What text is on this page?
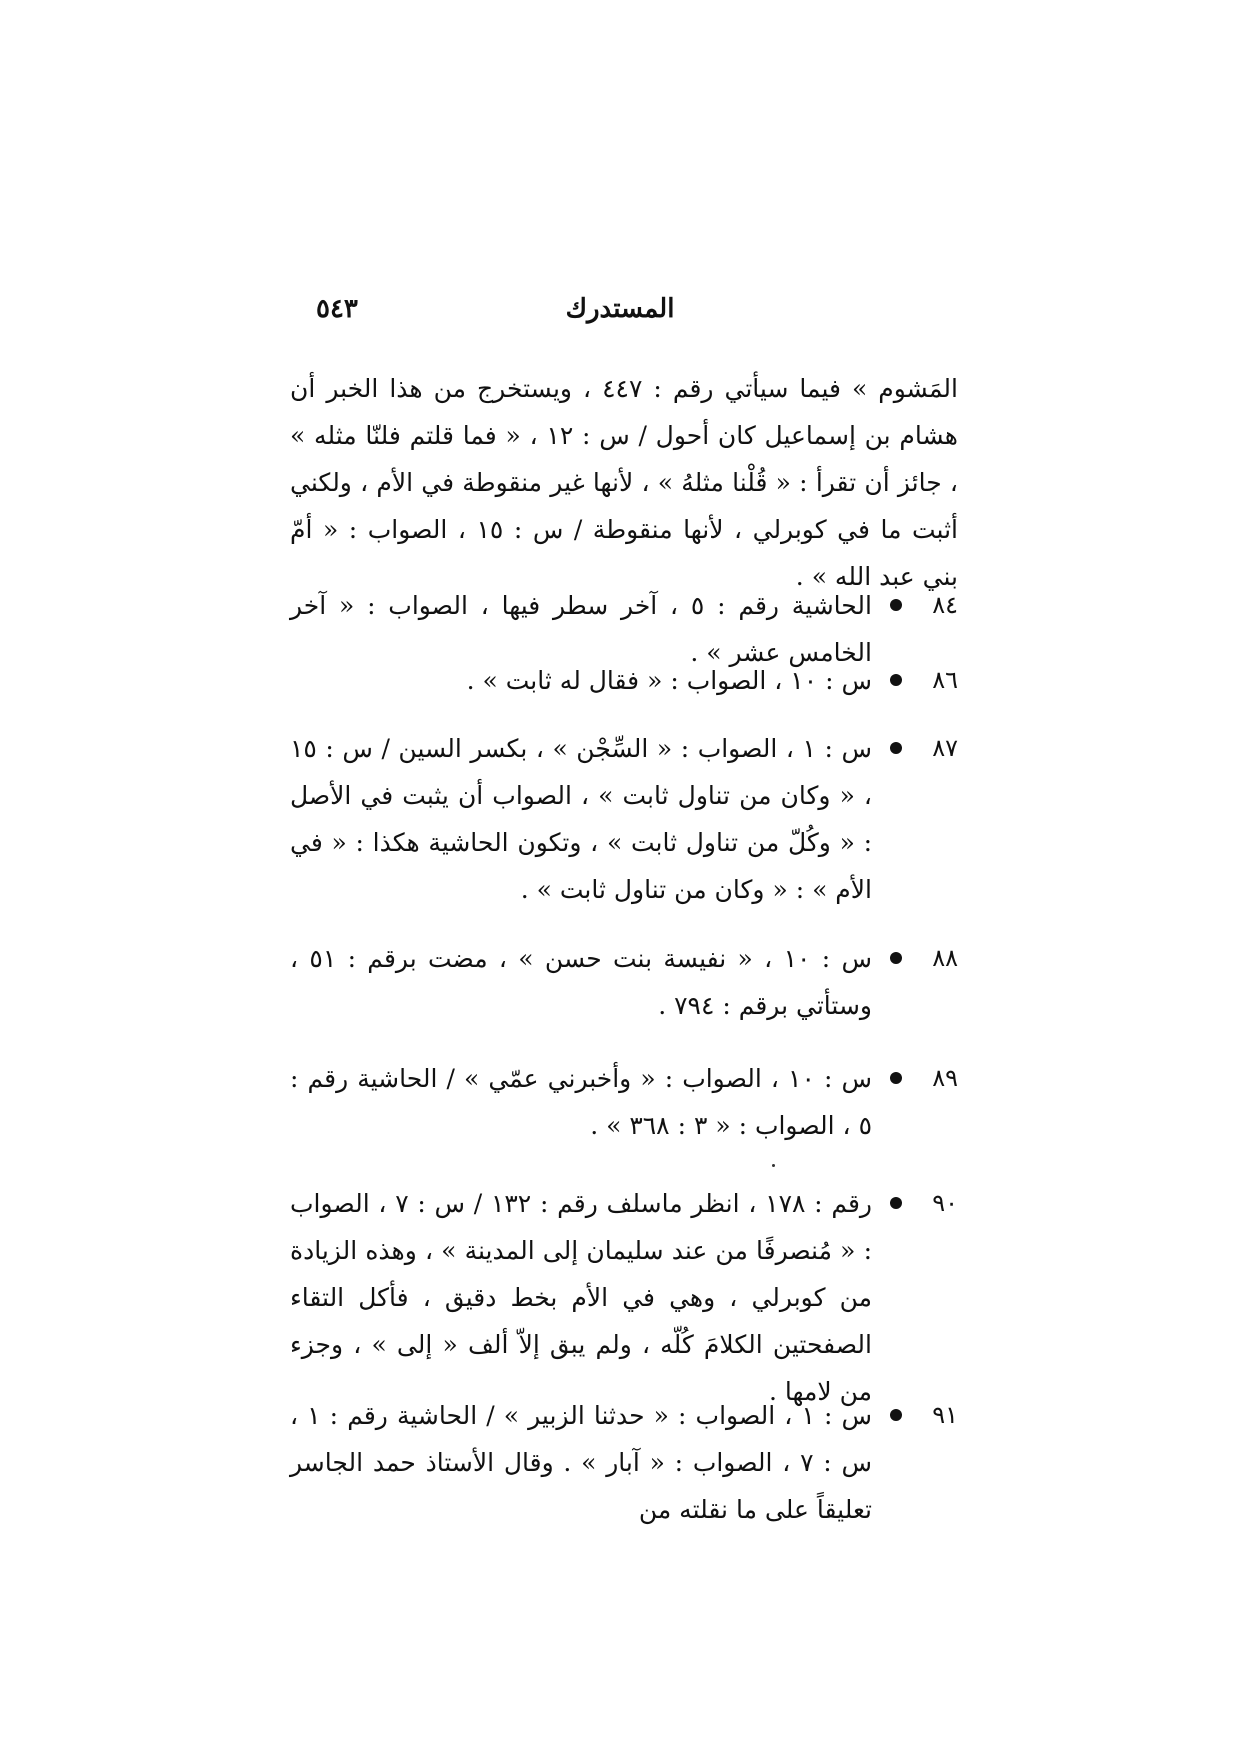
٥٤٣	المستدرك
المَشوم » فيما سيأتي رقم : ٤٤٧ ، ويستخرج من هذا الخبر أن هشام بن إسماعيل كان أحول / س : ١٢ ، « فما قلتم فلنّا مثله » ، جائز أن تقرأ : « قُلْنا مثلهُ » ، لأنها غير منقوطة في الأم ، ولكني أثبت ما في كوبرلي ، لأنها منقوطة / س : ١٥ ، الصواب : « أمّ بني عبد الله » .
٨٤
الحاشية رقم : ٥ ، آخر سطر فيها ، الصواب : « آخر الخامس عشر » .
٨٦
س : ١٠ ، الصواب : « فقال له ثابت » .
٨٧
س : ١ ، الصواب : « السِّجْن » ، بكسر السين / س : ١٥ ، « وكان من تناول ثابت » ، الصواب أن يثبت في الأصل : « وكُلّ من تناول ثابت » ، وتكون الحاشية هكذا : « في الأم » : « وكان من تناول ثابت » .
٨٨
س : ١٠ ، « نفيسة بنت حسن » ، مضت برقم : ٥١ ، وستأتي برقم : ٧٩٤ .
٨٩
س : ١٠ ، الصواب : « وأخبرني عمّي » / الحاشية رقم : ٥ ، الصواب : « ٣ : ٣٦٨ » .
٩٠
رقم : ١٧٨ ، انظر ماسلف رقم : ١٣٢ / س : ٧ ، الصواب : « مُنصرفًا من عند سليمان إلى المدينة » ، وهذه الزيادة من كوبرلي ، وهي في الأم بخط دقيق ، فأكل التقاء الصفحتين الكلامَ كُلّه ، ولم يبق إلاّ ألف « إلى » ، وجزء من لامها .
٩١
س : ١ ، الصواب : « حدثنا الزبير » / الحاشية رقم : ١ ، س : ٧ ، الصواب : « آبار » . وقال الأستاذ حمد الجاسر تعليقاً على ما نقلته من
